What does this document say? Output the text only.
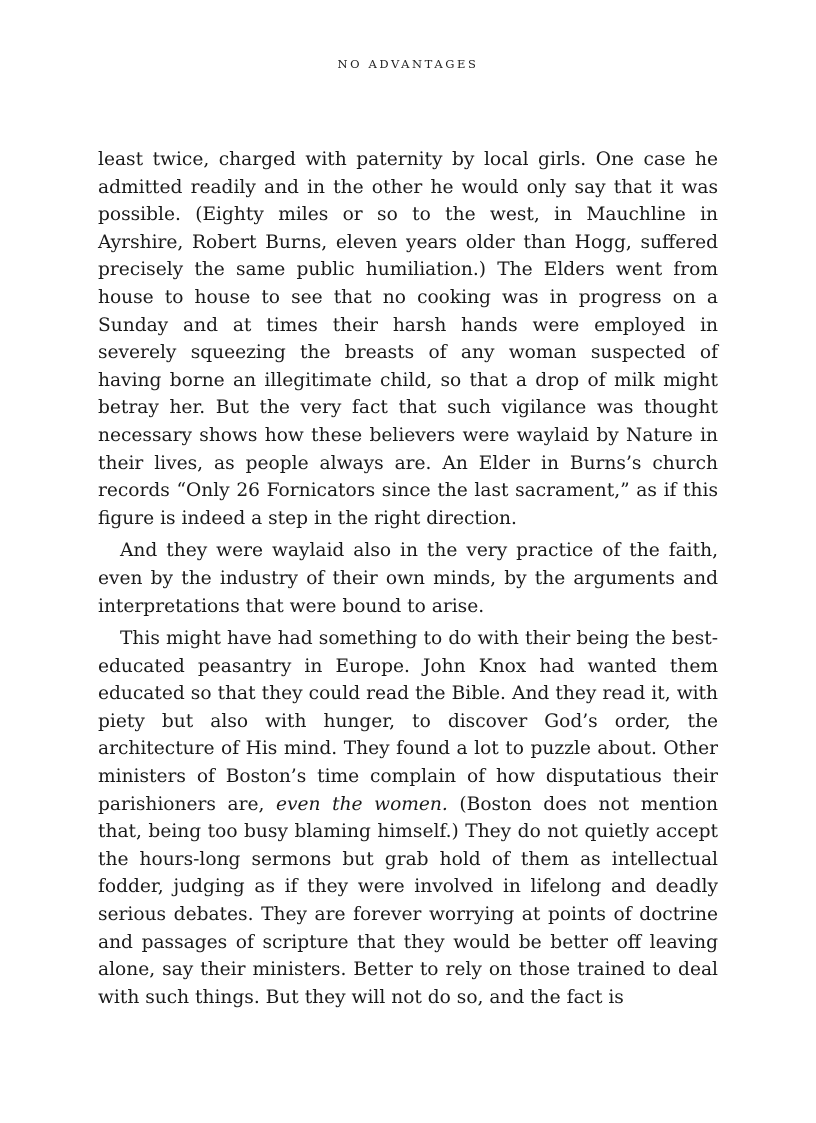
NO ADVANTAGES

least twice, charged with paternity by local girls. One case he admitted readily and in the other he would only say that it was possible. (Eighty miles or so to the west, in Mauchline in Ayrshire, Robert Burns, eleven years older than Hogg, suffered precisely the same public humiliation.) The Elders went from house to house to see that no cooking was in progress on a Sunday and at times their harsh hands were employed in severely squeezing the breasts of any woman suspected of having borne an illegitimate child, so that a drop of milk might betray her. But the very fact that such vigilance was thought necessary shows how these believers were waylaid by Nature in their lives, as people always are. An Elder in Burns’s church records “Only 26 Fornicators since the last sacrament,” as if this figure is indeed a step in the right direction.

And they were waylaid also in the very practice of the faith, even by the industry of their own minds, by the arguments and interpretations that were bound to arise.

This might have had something to do with their being the best-educated peasantry in Europe. John Knox had wanted them educated so that they could read the Bible. And they read it, with piety but also with hunger, to discover God’s order, the architecture of His mind. They found a lot to puzzle about. Other ministers of Boston’s time complain of how disputatious their parishioners are, even the women. (Boston does not mention that, being too busy blaming himself.) They do not quietly accept the hours-long sermons but grab hold of them as intellectual fodder, judging as if they were involved in lifelong and deadly serious debates. They are forever worrying at points of doctrine and passages of scripture that they would be better off leaving alone, say their ministers. Better to rely on those trained to deal with such things. But they will not do so, and the fact is
